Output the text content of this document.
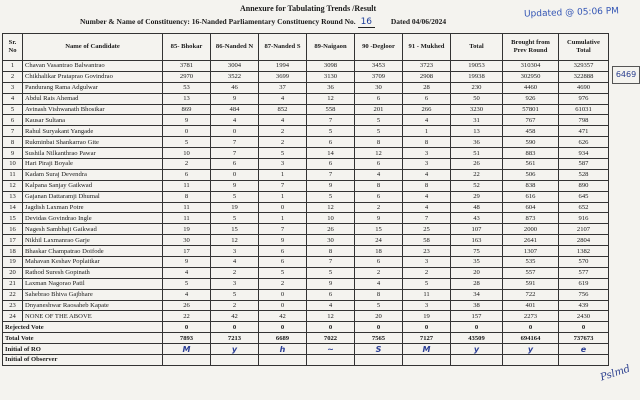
Annexure for Tabulating Trends /Result
Number & Name of Constituency: 16-Nanded Parliamentary Constituency Round No. 16	Dated 04/06/2024
Updated @ 05:06 PM
6469
Sr. No	Name of Candidate	85- Bhokar	86-Nanded N	87-Nanded S	89-Naigaon	90 -Degloor	91 - Mukhed	Total	Brought from Prev Round	Cumulative Total
1	Chavan Vasantrao Balwantrao	3781	3004	1994	3098	3453	3723	19053	310304	329357
2	Chikhalikar Prataprao Govindrao	2970	3522	3699	3130	3709	2908	19938	302950	322888
3	Pandurang Rama Adgulwar	53	46	37	36	30	28	230	4460	4690
4	Abdul Rais Ahemad	13	9	4	12	6	6	50	926	976
5	Avinash Vishwanath Bhosikar	869	484	852	558	201	266	3230	57801	61031
6	Kausar Sultana	9	4	4	7	5	4	31	767	798
7	Rahul Suryakant Yangade	0	0	2	5	5	1	13	458	471
8	Rukminbai Shankarrao Gite	5	7	2	6	8	8	36	590	626
9	Sushila Nilkanthrao Pawar	10	7	5	14	12	3	51	883	934
10	Hari Piraji Boyale	2	6	3	6	6	3	26	561	587
11	Kadam Suraj Devendra	6	0	1	7	4	4	22	506	528
12	Kalpana Sanjay Gaikwad	11	9	7	9	8	8	52	838	890
13	Gajanan Dattaramji Dhumal	8	5	1	5	6	4	29	616	645
14	Jagdish Laxman Potre	11	19	0	12	2	4	48	604	652
15	Devidas Govindrao Ingle	11	5	1	10	9	7	43	873	916
16	Nagesh Sambhaji Gaikwad	19	15	7	26	15	25	107	2000	2107
17	Nikhil Laxmanrao Garje	30	12	9	30	24	58	163	2641	2804
18	Bhaskar Champatrao Doifode	17	3	6	8	18	23	75	1307	1382
19	Mahavan Keshav Poplaitkar	9	4	6	7	6	3	35	535	570
20	Rathod Suresh Gopinath	4	2	5	5	2	2	20	557	577
21	Laxman Nagorao Patil	5	3	2	9	4	5	28	591	619
22	Sahebrao Bhiva Gajbhare	4	5	0	6	8	11	34	722	756
23	Dnyaneshwar Raosaheb Kapate	26	2	0	4	5	3	38	401	439
24	NONE OF THE ABOVE	22	42	42	12	20	19	157	2273	2430
Rejected Vote		0	0	0	0	0	0	0	0	0
Total Vote		7893	7213	6689	7022	7565	7127	43509	694164	737673
Initial of RO		M	y	h	~	S	M	y	y	e
Initial of Observer										
Pslmd
